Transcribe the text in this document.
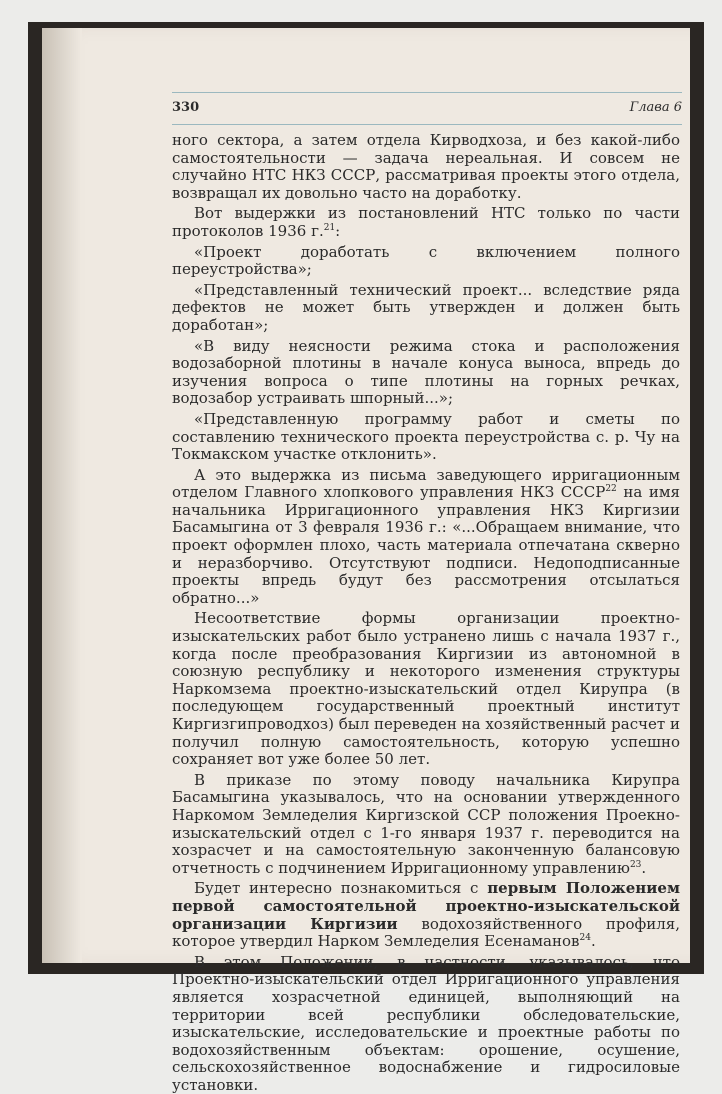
330	Глава 6

ного сектора, а затем отдела Кирводхоза, и без какой-либо самостоятельности — задача нереальная. И совсем не случайно НТС НКЗ СССР, рассматривая проекты этого отдела, возвращал их довольно часто на доработку.

Вот выдержки из постановлений НТС только по части протоколов 1936 г.$^{21}$:

«Проект доработать с включением полного переустройства»;

«Представленный технический проект... вследствие ряда дефектов не может быть утвержден и должен быть доработан»;

«В виду неясности режима стока и расположения водозаборной плотины в начале конуса выноса, впредь до изучения вопроса о типе плотины на горных речках, водозабор устраивать шпорный...»;

«Представленную программу работ и сметы по составлению технического проекта переустройства с. р. Чу на Токмакском участке отклонить».

А это выдержка из письма заведующего ирригационным отделом Главного хлопкового управления НКЗ СССР$^{22}$ на имя начальника Ирригационного управления НКЗ Киргизии Басамыгина от 3 февраля 1936 г.: «...Обращаем внимание, что проект оформлен плохо, часть материала отпечатана скверно и неразборчиво. Отсутствуют подписи. Недоподписанные проекты впредь будут без рассмотрения отсылаться обратно...»

Несоответствие формы организации проектно-изыскательских работ было устранено лишь с начала 1937 г., когда после преобразования Киргизии из автономной в союзную республику и некоторого изменения структуры Наркомзема проектно-изыскательский отдел Кирупра (в последующем государственный проектный институт Киргизгипроводхоз) был переведен на хозяйственный расчет и получил полную самостоятельность, которую успешно сохраняет вот уже более 50 лет.

В приказе по этому поводу начальника Кирупра Басамыгина указывалось, что на основании утвержденного Наркомом Земледелия Киргизской ССР положения Проекно-изыскательский отдел с 1-го января 1937 г. переводится на хозрасчет и на самостоятельную законченную балансовую отчетность с подчинением Ирригационному управлению$^{23}$.

Будет интересно познакомиться с первым Положением первой самостоятельной проектно-изыскательской организации Киргизии водохозяйственного профиля, которое утвердил Нарком Земледелия Есенаманов$^{24}$.

В этом Положении, в частности, указывалось, что Проектно-изыскательский отдел Ирригационного управления является хозрасчетной единицей, выполняющий на территории всей республики обследовательские, изыскательские, исследовательские и проектные работы по водохозяйственным объектам: орошение, осушение, сельскохозяйственное водоснабжение и гидросиловые установки.
